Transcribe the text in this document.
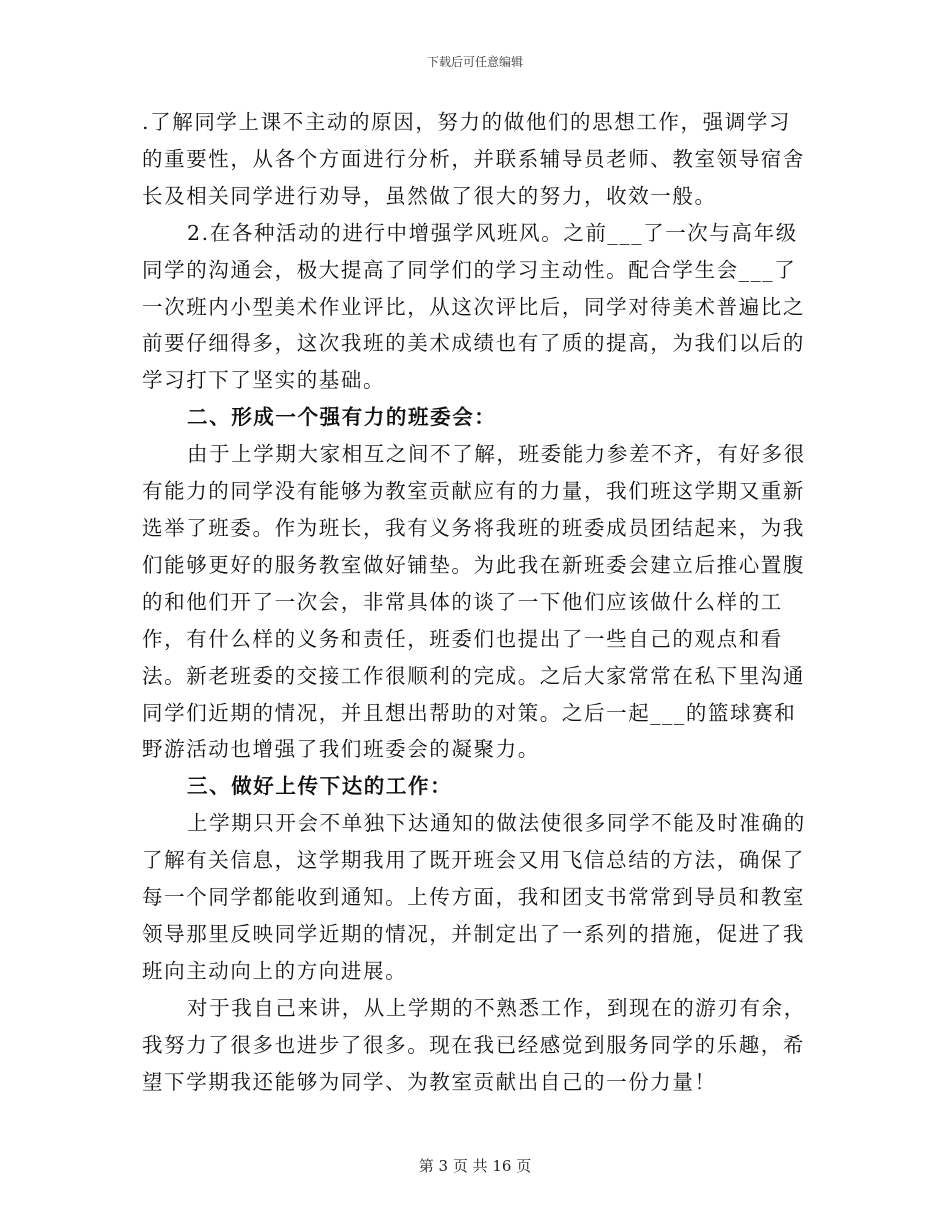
下载后可任意编辑

.了解同学上课不主动的原因，努力的做他们的思想工作，强调学习的重要性，从各个方面进行分析，并联系辅导员老师、教室领导宿舍长及相关同学进行劝导，虽然做了很大的努力，收效一般。

2.在各种活动的进行中增强学风班风。之前___了一次与高年级同学的沟通会，极大提高了同学们的学习主动性。配合学生会___了一次班内小型美术作业评比，从这次评比后，同学对待美术普遍比之前要仔细得多，这次我班的美术成绩也有了质的提高，为我们以后的学习打下了坚实的基础。

二、形成一个强有力的班委会：

由于上学期大家相互之间不了解，班委能力参差不齐，有好多很有能力的同学没有能够为教室贡献应有的力量，我们班这学期又重新选举了班委。作为班长，我有义务将我班的班委成员团结起来，为我们能够更好的服务教室做好铺垫。为此我在新班委会建立后推心置腹的和他们开了一次会，非常具体的谈了一下他们应该做什么样的工作，有什么样的义务和责任，班委们也提出了一些自己的观点和看法。新老班委的交接工作很顺利的完成。之后大家常常在私下里沟通同学们近期的情况，并且想出帮助的对策。之后一起___的篮球赛和野游活动也增强了我们班委会的凝聚力。

三、做好上传下达的工作：

上学期只开会不单独下达通知的做法使很多同学不能及时准确的了解有关信息，这学期我用了既开班会又用飞信总结的方法，确保了每一个同学都能收到通知。上传方面，我和团支书常常到导员和教室领导那里反映同学近期的情况，并制定出了一系列的措施，促进了我班向主动向上的方向进展。

对于我自己来讲，从上学期的不熟悉工作，到现在的游刃有余，我努力了很多也进步了很多。现在我已经感觉到服务同学的乐趣，希望下学期我还能够为同学、为教室贡献出自己的一份力量！

第 3 页 共 16 页
